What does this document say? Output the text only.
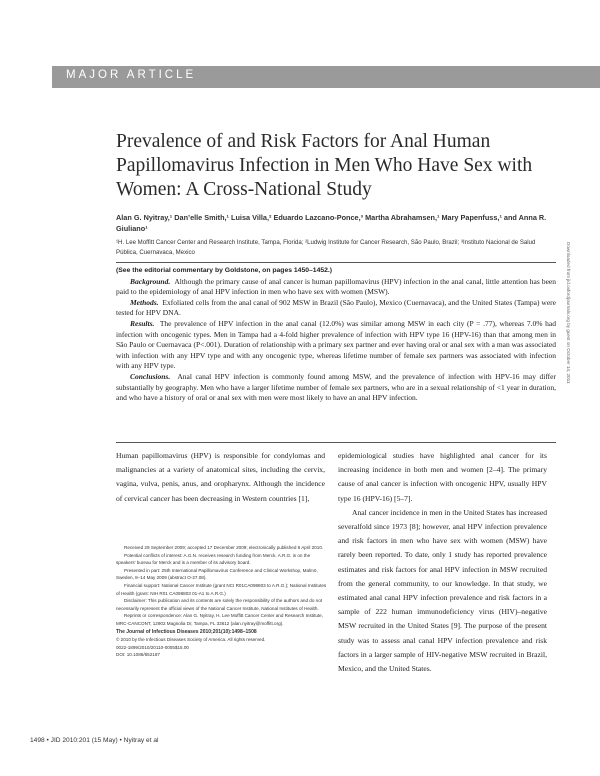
MAJOR ARTICLE
Prevalence of and Risk Factors for Anal Human Papillomavirus Infection in Men Who Have Sex with Women: A Cross-National Study
Alan G. Nyitray,¹ Dan’elle Smith,¹ Luisa Villa,² Eduardo Lazcano-Ponce,³ Martha Abrahamsen,¹ Mary Papenfuss,¹ and Anna R. Giuliano¹
¹H. Lee Moffitt Cancer Center and Research Institute, Tampa, Florida; ²Ludwig Institute for Cancer Research, São Paulo, Brazil; ³Instituto Nacional de Salud Pública, Cuernavaca, Mexico

(See the editorial commentary by Goldstone, on pages 1450–1452.)

Background. Although the primary cause of anal cancer is human papillomavirus (HPV) infection in the anal canal, little attention has been paid to the epidemiology of anal HPV infection in men who have sex with women (MSW).

Methods. Exfoliated cells from the anal canal of 902 MSW in Brazil (São Paulo), Mexico (Cuernavaca), and the United States (Tampa) were tested for HPV DNA.

Results. The prevalence of HPV infection in the anal canal (12.0%) was similar among MSW in each city (P = .77), whereas 7.0% had infection with oncogenic types. Men in Tampa had a 4-fold higher prevalence of infection with HPV type 16 (HPV-16) than that among men in São Paulo or Cuernavaca (P<.001). Duration of relationship with a primary sex partner and ever having oral or anal sex with a man was associated with infection with any HPV type and with any oncogenic type, whereas lifetime number of female sex partners was associated with infection with any HPV type.

Conclusions. Anal canal HPV infection is commonly found among MSW, and the prevalence of infection with HPV-16 may differ substantially by geography. Men who have a larger lifetime number of female sex partners, who are in a sexual relationship of <1 year in duration, and who have a history of oral or anal sex with men were most likely to have an anal HPV infection.

Human papillomavirus (HPV) is responsible for condylomas and malignancies at a variety of anatomical sites, including the cervix, vagina, vulva, penis, anus, and oropharynx. Although the incidence of cervical cancer has been decreasing in Western countries [1],

Received 29 September 2009; accepted 17 December 2009; electronically published 8 April 2010.

Potential conflicts of interest: A.G.N. receives research funding from Merck. A.R.G. is on the speakers’ bureau for Merck and is a member of its advisory board.

Presented in part: 25th International Papillomavirus Conference and Clinical Workshop, Malmö, Sweden, 8–14 May 2009 (abstract O-27.08).

Financial support: National Cancer Institute (grant NCI R01CA098803 to A.R.G.); National Institutes of Health (grant: NIH R01 CA098803 01-A1 to A.R.G.)

Disclaimer: This publication and its contents are solely the responsibility of the authors and do not necessarily represent the official views of the National Cancer Institute, National Institutes of Health.

Reprints or correspondence: Alan G. Nyitray, H. Lee Moffitt Cancer Center and Research Institute, MRC-CANCONT, 12902 Magnolia Dr, Tampa, FL 33612 (alan.nyitray@moffitt.org).

The Journal of Infectious Diseases 2010;201(10):1498–1508

© 2010 by the Infectious Diseases Society of America. All rights reserved.

0022-1899/2010/20110-0005$15.00

DOI: 10.1086/652187

epidemiological studies have highlighted anal cancer for its increasing incidence in both men and women [2–4]. The primary cause of anal cancer is infection with oncogenic HPV, usually HPV type 16 (HPV-16) [5–7].

Anal cancer incidence in men in the United States has increased severalfold since 1973 [8]; however, anal HPV infection prevalence and risk factors in men who have sex with women (MSW) have rarely been reported. To date, only 1 study has reported prevalence estimates and risk factors for anal HPV infection in MSW recruited from the general community, to our knowledge. In that study, we estimated anal canal HPV infection prevalence and risk factors in a sample of 222 human immunodeficiency virus (HIV)–negative MSW recruited in the United States [9]. The purpose of the present study was to assess anal canal HPV infection prevalence and risk factors in a larger sample of HIV-negative MSW recruited in Brazil, Mexico, and the United States.

1498 • JID 2010:201 (15 May) • Nyitray et al
Downloaded from jid.oxfordjournals.org by guest on October 14, 2011
